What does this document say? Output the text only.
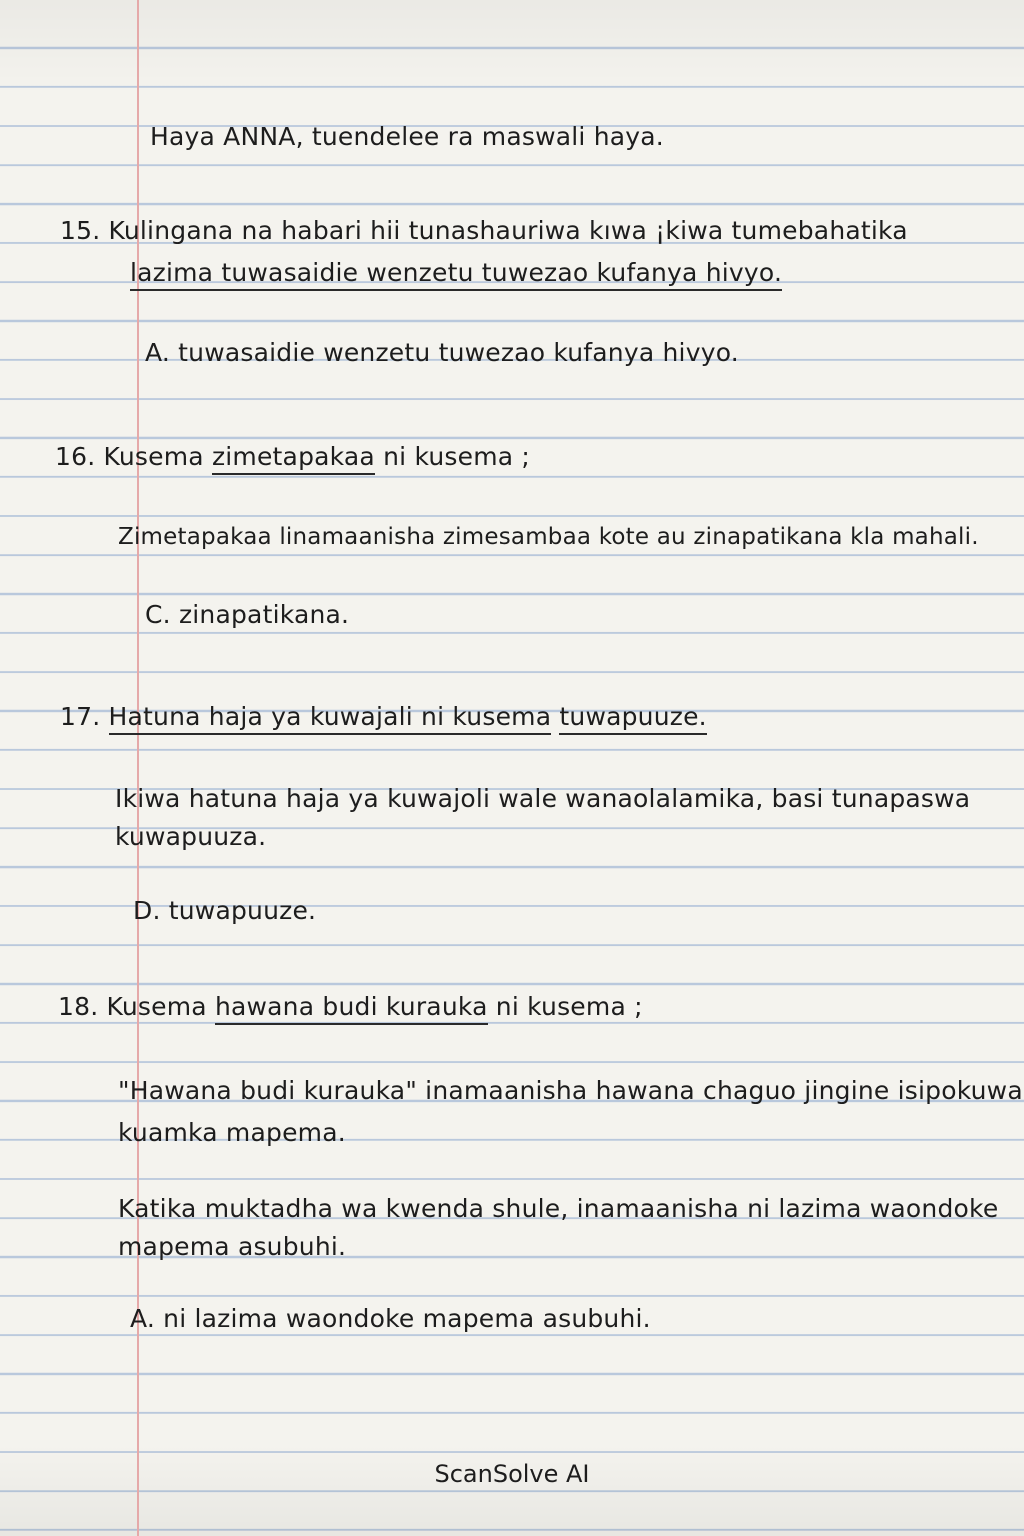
Haya ANNA, tuendelee ra maswali haya.

15. Kulingana na habari hii tunashauriwa kıwa ¡kiwa tumebahatika

lazima tuwasaidie wenzetu tuwezao kufanya hivyo.

A. tuwasaidie wenzetu tuwezao kufanya hivyo.

16. Kusema zimetapakaa ni kusema ;

Zimetapakaa linamaanisha zimesambaa kote au zinapatikana kla mahali.

C. zinapatikana.

17. Hatuna haja ya kuwajali ni kusema tuwapuuze.

Ikiwa hatuna haja ya kuwajoli wale wanaolalamika, basi tunapaswa

kuwapuuza.

D. tuwapuuze.

18. Kusema hawana budi kurauka ni kusema ;

"Hawana budi kurauka" inamaanisha hawana chaguo jingine isipokuwa

kuamka mapema.

Katika muktadha wa kwenda shule, inamaanisha ni lazima waondoke

mapema asubuhi.

A. ni lazima waondoke mapema asubuhi.

ScanSolve AI
